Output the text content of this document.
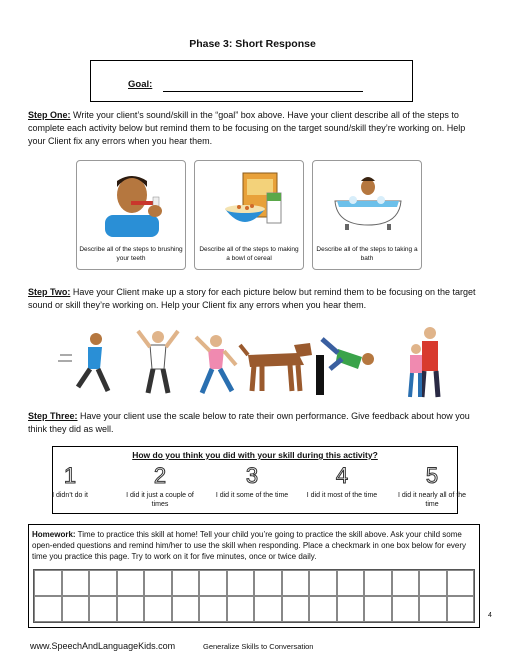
Phase 3: Short Response
Goal:
Step One: Write your client’s sound/skill in the “goal” box above. Have your client describe all of the steps to complete each activity below but remind them to be focusing on the target sound/skill they’re working on. Help your Client fix any errors when you hear them.
Describe all of the steps to brushing your teeth
Describe all of the steps to making a bowl of cereal
Describe all of the steps to taking a bath
Step Two: Have your Client make up a story for each picture below but remind them to be focusing on the target sound or skill they’re working on. Help your Client fix any errors when you hear them.
Step Three: Have your client use the scale below to rate their own performance. Give feedback about how you think they did as well.
How do you think you did with your skill during this activity?
1
I didn’t do it
2
I did it just a couple of times
3
I did it some of the time
4
I did it most of the time
5
I did it nearly all of the time
Homework: Time to practice this skill at home! Tell your child you’re going to practice the skill above. Ask your child some open-ended questions and remind him/her to use the skill when responding. Place a checkmark in one box below for every time you practice this page. Try to work on it for five minutes, once or twice daily.
www.SpeechAndLanguageKids.com	Generalize Skills to Conversation
4
